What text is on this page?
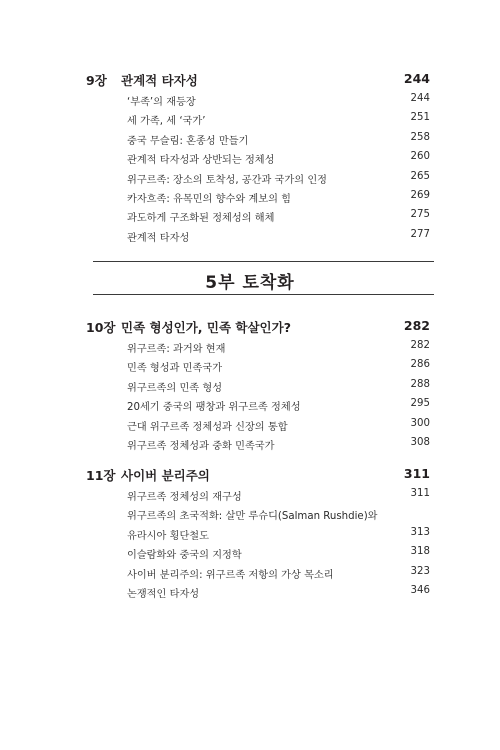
9장 관계적 타자성	244
‘부족’의 재등장	244
세 가족, 세 ‘국가’	251
중국 무슬림: 혼종성 만들기	258
관계적 타자성과 상반되는 정체성	260
위구르족: 장소의 토착성, 공간과 국가의 인정	265
카자흐족: 유목민의 향수와 계보의 힘	269
과도하게 구조화된 정체성의 해체	275
관계적 타자성	277
5부 토착화
10장 민족 형성인가, 민족 학살인가?	282
위구르족: 과거와 현재	282
민족 형성과 민족국가	286
위구르족의 민족 형성	288
20세기 중국의 팽창과 위구르족 정체성	295
근대 위구르족 정체성과 신장의 통합	300
위구르족 정체성과 중화 민족국가	308
11장 사이버 분리주의	311
위구르족 정체성의 재구성	311
위구르족의 초국적화: 살만 루슈디(Salman Rushdie)와
유라시아 횡단철도	313
이슬람화와 중국의 지정학	318
사이버 분리주의: 위구르족 저항의 가상 목소리	323
논쟁적인 타자성	346
